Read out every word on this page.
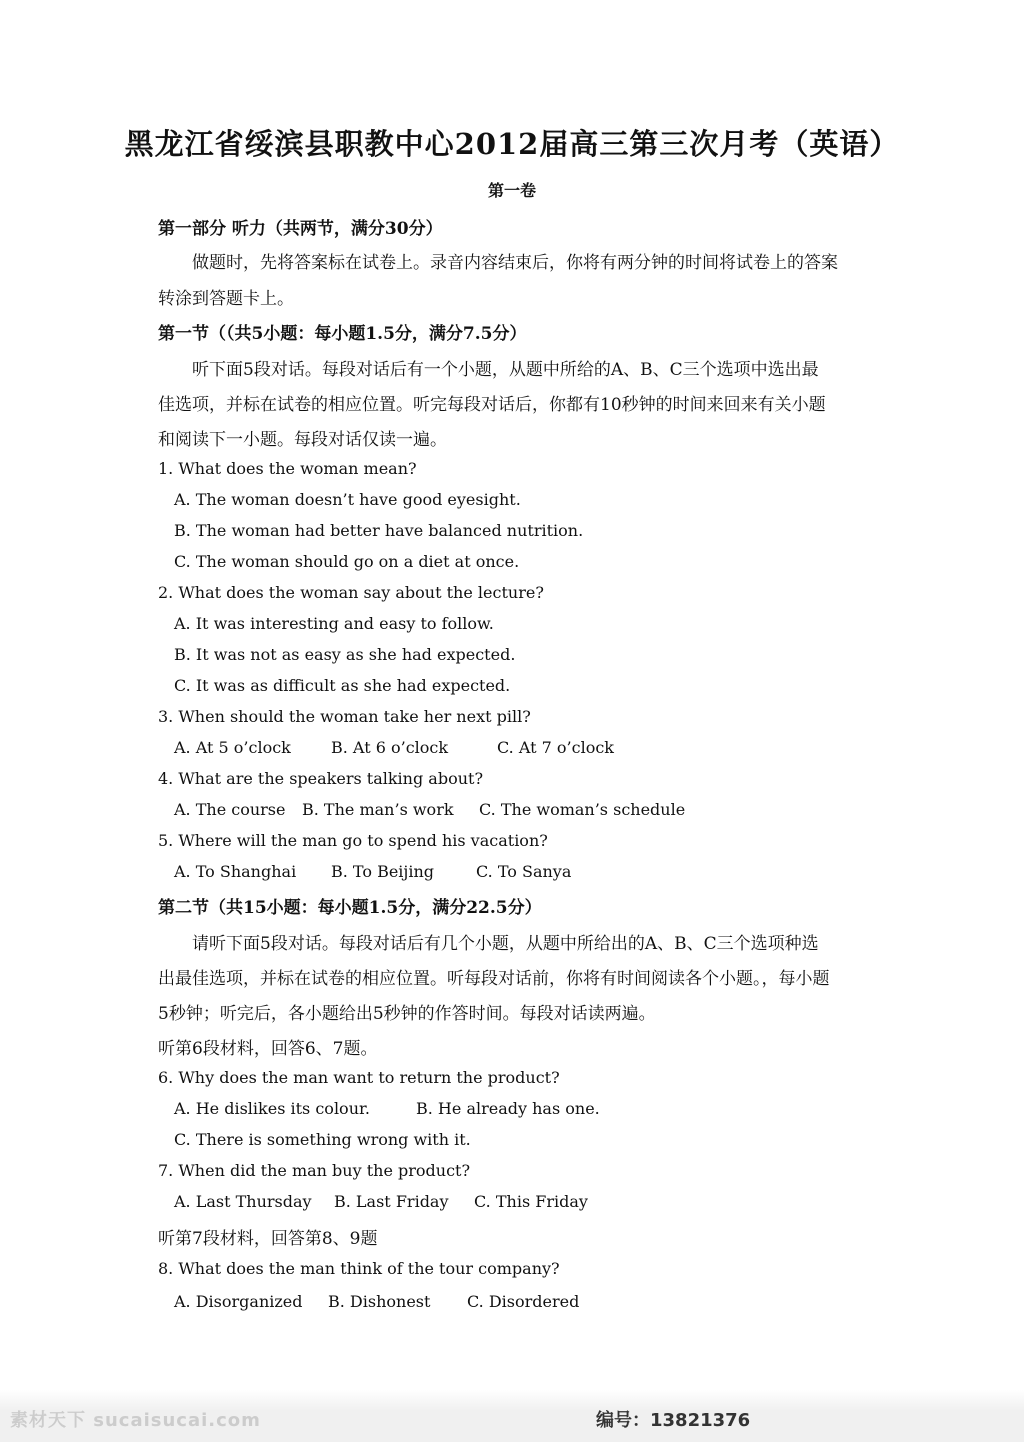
黑龙江省绥滨县职教中心2012届高三第三次月考（英语）
第一卷
第一部分 听力（共两节，满分30分）
做题时，先将答案标在试卷上。录音内容结束后，你将有两分钟的时间将试卷上的答案
转涂到答题卡上。
第一节（（共5小题：每小题1.5分，满分7.5分）
听下面5段对话。每段对话后有一个小题，从题中所给的A、B、C三个选项中选出最
佳选项，并标在试卷的相应位置。听完每段对话后，你都有10秒钟的时间来回来有关小题
和阅读下一小题。每段对话仅读一遍。
1. What does the woman mean?
A. The woman doesn’t have good eyesight.
B. The woman had better have balanced nutrition.
C. The woman should go on a diet at once.
2. What does the woman say about the lecture?
A. It was interesting and easy to follow.
B. It was not as easy as she had expected.
C. It was as difficult as she had expected.
3. When should the woman take her next pill?
A. At 5 o’clock	B. At 6 o’clock	C. At 7 o’clock
4. What are the speakers talking about?
A. The course B. The man’s work C. The woman’s schedule
5. Where will the man go to spend his vacation?
A. To Shanghai B. To Beijing	C. To Sanya
第二节（共15小题：每小题1.5分，满分22.5分）
请听下面5段对话。每段对话后有几个小题，从题中所给出的A、B、C三个选项种选
出最佳选项，并标在试卷的相应位置。听每段对话前，你将有时间阅读各个小题。，每小题
5秒钟；听完后，各小题给出5秒钟的作答时间。每段对话读两遍。
听第6段材料，回答6、7题。
6. Why does the man want to return the product?
A. He dislikes its colour.	B. He already has one.
C. There is something wrong with it.
7. When did the man buy the product?
A. Last Thursday B. Last Friday C. This Friday
听第7段材料，回答第8、9题
8. What does the man think of the tour company?
A. Disorganized B. Dishonest C. Disordered
素材天下 sucaisucai.com	编号：13821376
